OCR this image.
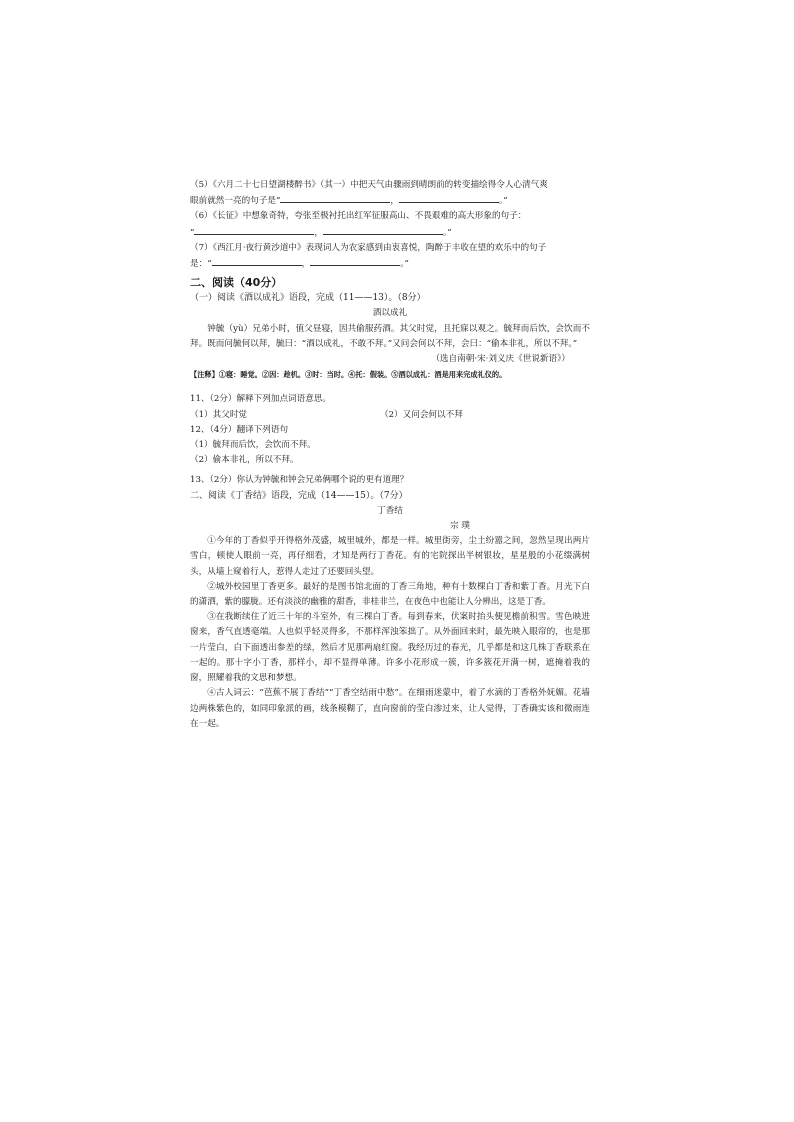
（5）《六月二十七日望湖楼醉书》（其一）中把天气由骤雨到晴朗前的转变描绘得令人心清气爽
眼前就然一亮的句子是“	，	。”
（6）《长征》中想象奇特，夸张至极衬托出红军征服高山、不畏艰难的高大形象的句子：
“	，	。”
（7）《西江月·夜行黄沙道中》表现词人为农家感到由衷喜悦，陶醉于丰收在望的欢乐中的句子
是：“	，	。”
二、阅读（40分）
（一）阅读《酒以成礼》语段，完成（11——13）。（8分）
酒以成礼
钟毓（yù）兄弟小时，值父昼寝，因共偷服药酒。其父时觉，且托寐以观之。毓拜而后饮，会饮而不拜。既而问毓何以拜，毓曰：“酒以成礼，不敢不拜。”又问会何以不拜，会曰：“偷本非礼，所以不拜。”
（选自南朝·宋·刘义庆《世说新语》）
【注释】①寝：睡觉。②因：趁机。③时：当时。④托：假装。⑤酒以成礼：酒是用来完成礼仪的。
11、（2分）解释下列加点词语意思。
（1）其父时觉	（2）又问会何以不拜
12、（4分）翻译下列语句
（1）毓拜而后饮，会饮而不拜。
（2）偷本非礼，所以不拜。
13、（2分）你认为钟毓和钟会兄弟俩哪个说的更有道理？
二、阅读《丁香结》语段，完成（14——15）。（7分）
丁香结
宗 璞
①今年的丁香似乎开得格外茂盛，城里城外，都是一样。城里街旁，尘土纷嚣之间，忽然呈现出两片雪白，顿使人眼前一亮，再仔细看，才知是两行丁香花。有的宅院探出半树银妆，星星般的小花缀满树头，从墙上窥着行人，惹得人走过了还要回头望。
②城外校园里丁香更多。最好的是图书馆北面的丁香三角地，种有十数棵白丁香和紫丁香。月光下白的潇洒，紫的朦胧。还有淡淡的幽雅的甜香，非桂非兰，在夜色中也能让人分辨出，这是丁香。
③在我断续住了近三十年的斗室外，有三棵白丁香。每到春来，伏案时抬头便见檐前积雪。雪色映进窗来，香气直透毫端。人也似乎轻灵得多，不那样浑浊笨拙了。从外面回来时，最先映入眼帘的，也是那一片莹白，白下面透出参差的绿，然后才见那两扇红窗。我经历过的春光，几乎都是和这几株丁香联系在一起的。那十字小丁香，那样小，却不显得单薄。许多小花形成一簇，许多簇花开满一树，遮掩着我的窗，照耀着我的文思和梦想。
④古人词云：“芭蕉不展丁香结”“丁香空结雨中愁”。在细雨迷蒙中，着了水滴的丁香格外妩媚。花墙边两株紫色的，如同印象派的画，线条模糊了，直向窗前的莹白渗过来，让人觉得，丁香确实该和微雨连在一起。
